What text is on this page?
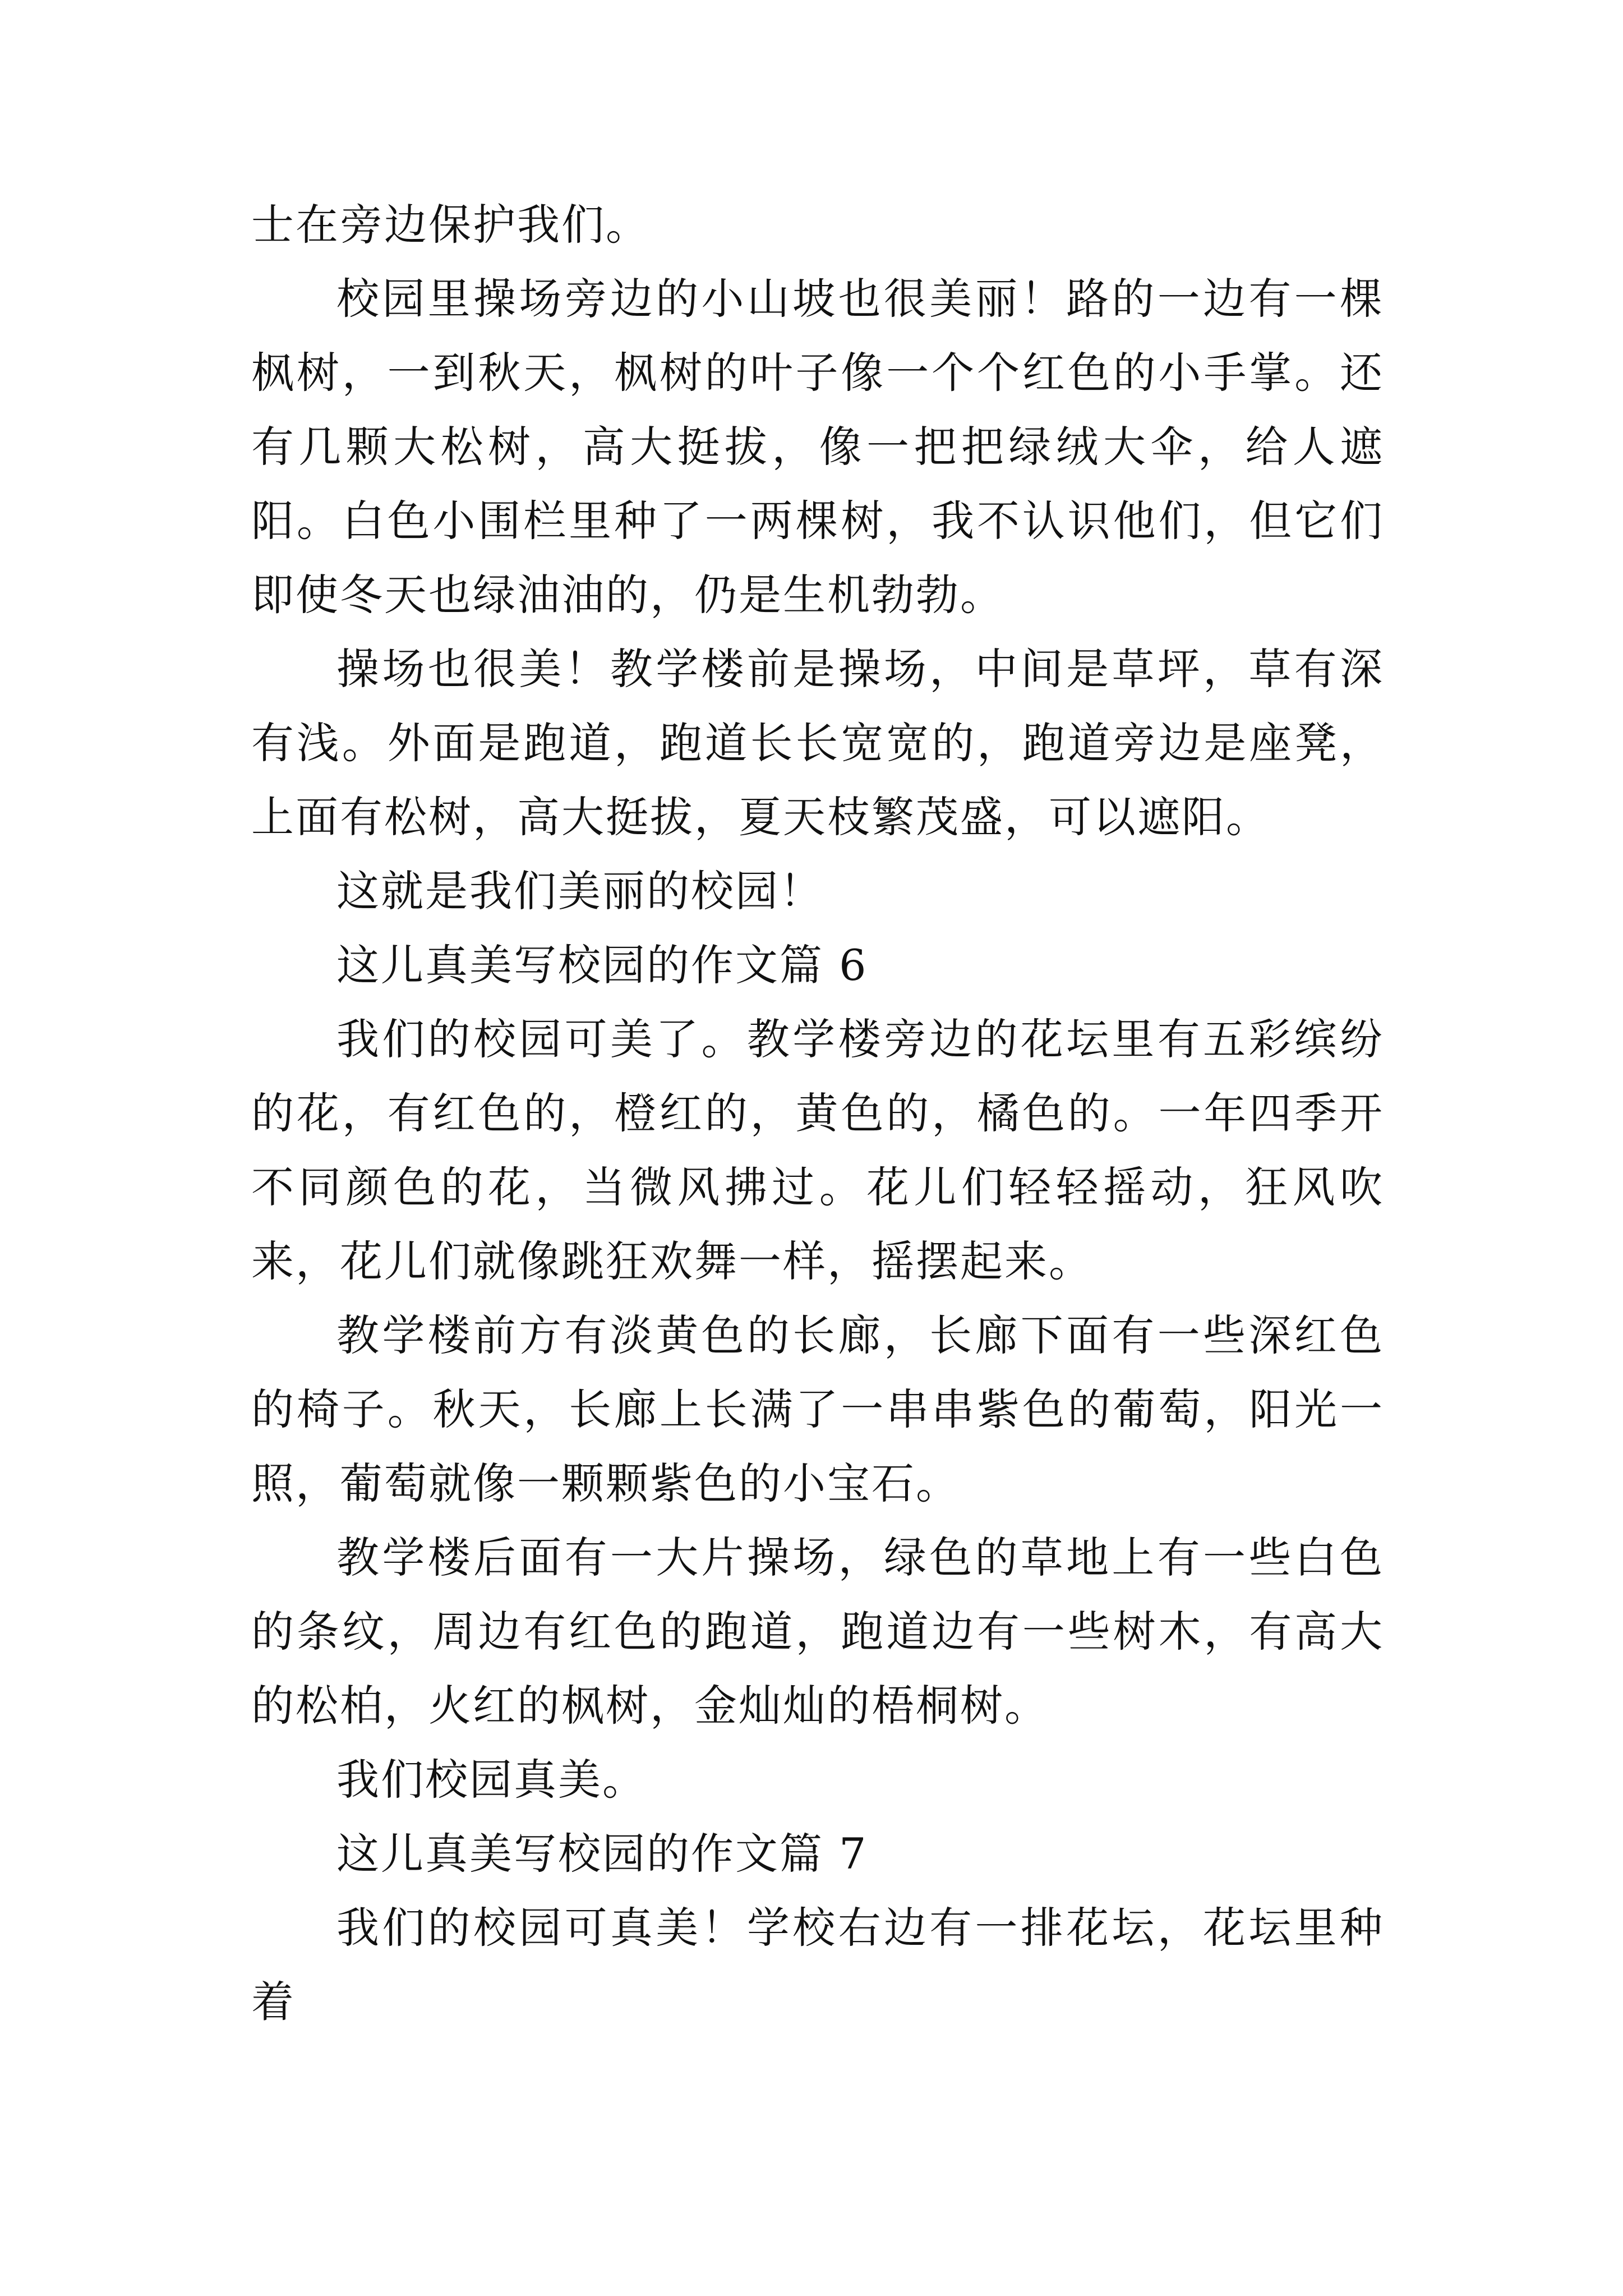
士在旁边保护我们。

校园里操场旁边的小山坡也很美丽！路的一边有一棵枫树，一到秋天，枫树的叶子像一个个红色的小手掌。还有几颗大松树，高大挺拔，像一把把绿绒大伞，给人遮阳。白色小围栏里种了一两棵树，我不认识他们，但它们即使冬天也绿油油的，仍是生机勃勃。

操场也很美！教学楼前是操场，中间是草坪，草有深有浅。外面是跑道，跑道长长宽宽的，跑道旁边是座凳，上面有松树，高大挺拔，夏天枝繁茂盛，可以遮阳。

这就是我们美丽的校园！

这儿真美写校园的作文篇 6

我们的校园可美了。教学楼旁边的花坛里有五彩缤纷的花，有红色的，橙红的，黄色的，橘色的。一年四季开不同颜色的花，当微风拂过。花儿们轻轻摇动，狂风吹来，花儿们就像跳狂欢舞一样，摇摆起来。

教学楼前方有淡黄色的长廊，长廊下面有一些深红色的椅子。秋天，长廊上长满了一串串紫色的葡萄，阳光一照，葡萄就像一颗颗紫色的小宝石。

教学楼后面有一大片操场，绿色的草地上有一些白色的条纹，周边有红色的跑道，跑道边有一些树木，有高大的松柏，火红的枫树，金灿灿的梧桐树。

我们校园真美。

这儿真美写校园的作文篇 7

我们的校园可真美！学校右边有一排花坛，花坛里种着
